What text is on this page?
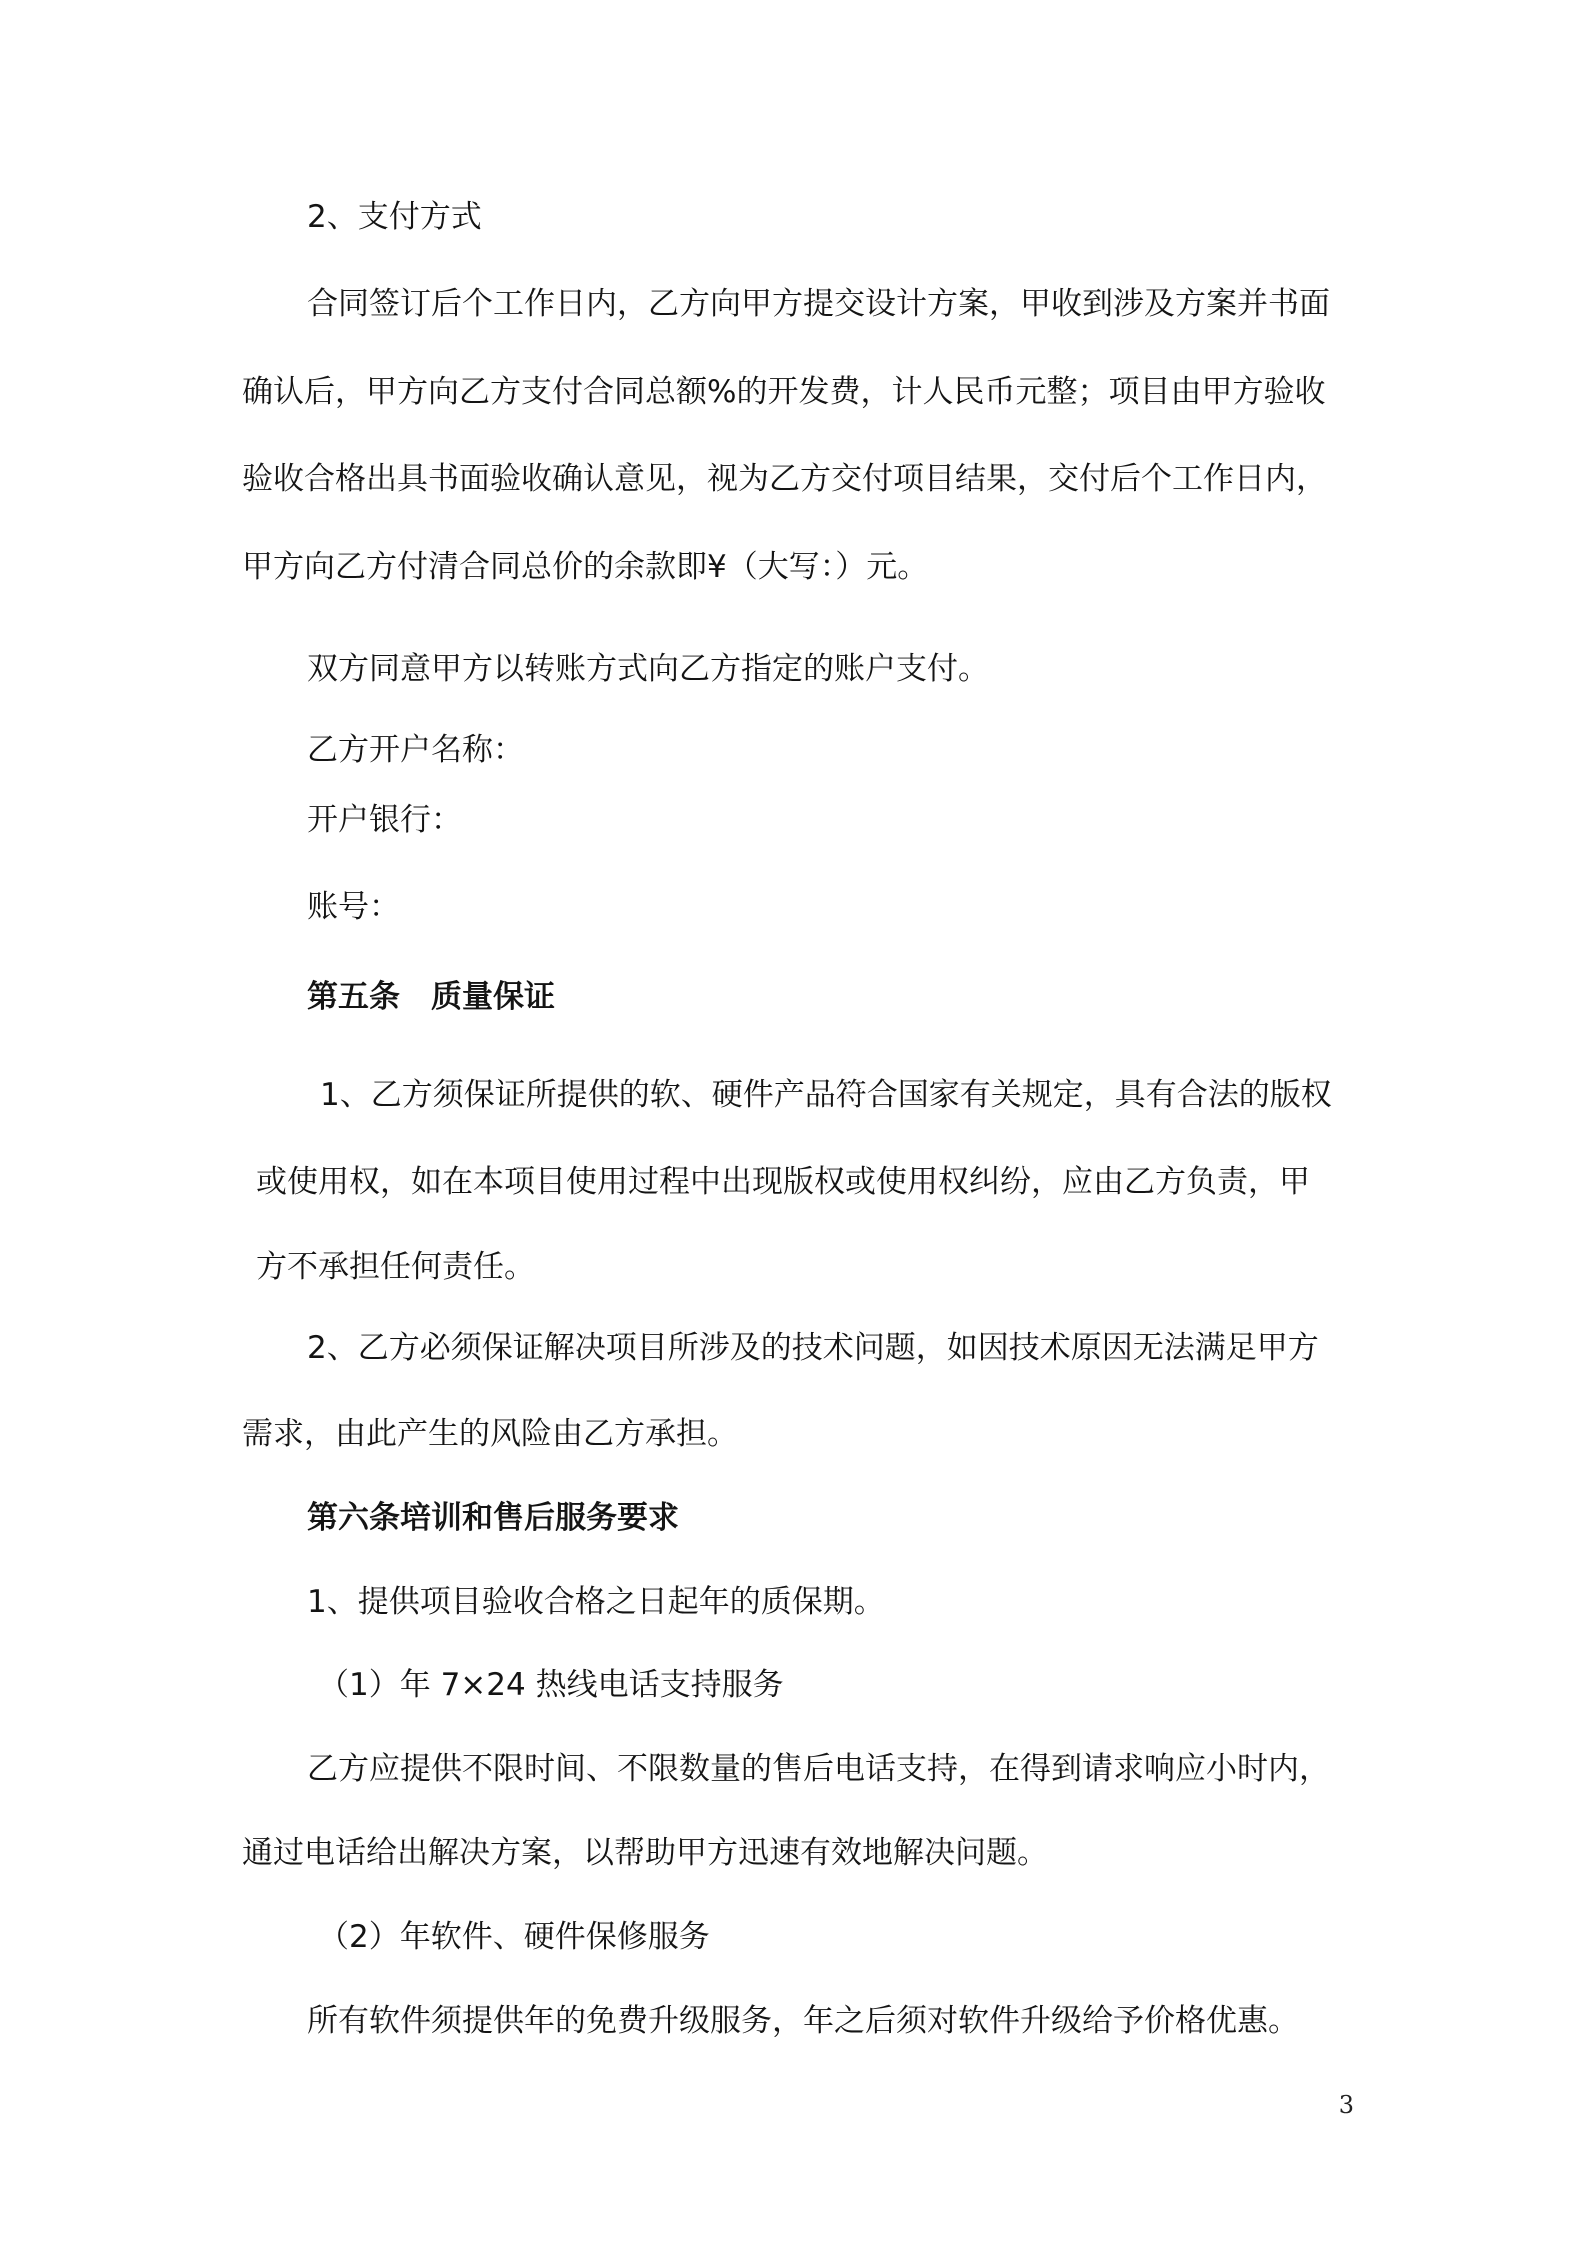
2、支付方式
合同签订后个工作日内，乙方向甲方提交设计方案，甲收到涉及方案并书面
确认后，甲方向乙方支付合同总额%的开发费，计人民币元整；项目由甲方验收
验收合格出具书面验收确认意见，视为乙方交付项目结果，交付后个工作日内，
甲方向乙方付清合同总价的余款即¥（大写：）元。
双方同意甲方以转账方式向乙方指定的账户支付。
乙方开户名称：
开户银行：
账号：
第五条　质量保证
1、乙方须保证所提供的软、硬件产品符合国家有关规定，具有合法的版权
或使用权，如在本项目使用过程中出现版权或使用权纠纷，应由乙方负责，甲
方不承担任何责任。
2、乙方必须保证解决项目所涉及的技术问题，如因技术原因无法满足甲方
需求，由此产生的风险由乙方承担。
第六条培训和售后服务要求
1、提供项目验收合格之日起年的质保期。
（1）年 7×24 热线电话支持服务
乙方应提供不限时间、不限数量的售后电话支持，在得到请求响应小时内，
通过电话给出解决方案，以帮助甲方迅速有效地解决问题。
（2）年软件、硬件保修服务
所有软件须提供年的免费升级服务，年之后须对软件升级给予价格优惠。
3
